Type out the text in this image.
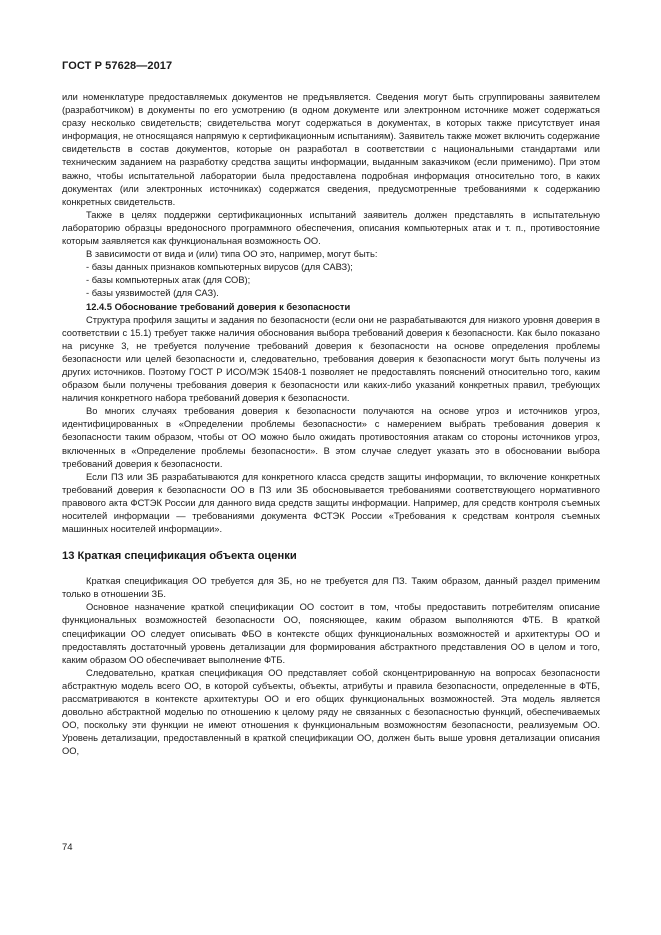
ГОСТ Р 57628—2017

или номенклатуре предоставляемых документов не предъявляется. Сведения могут быть сгруппированы заявителем (разработчиком) в документы по его усмотрению (в одном документе или электронном источнике может содержаться сразу несколько свидетельств; свидетельства могут содержаться в документах, в которых также присутствует иная информация, не относящаяся напрямую к сертификационным испытаниям). Заявитель также может включить содержание свидетельств в состав документов, которые он разработал в соответствии с национальными стандартами или техническим заданием на разработку средства защиты информации, выданным заказчиком (если применимо). При этом важно, чтобы испытательной лаборатории была предоставлена подробная информация относительно того, в каких документах (или электронных источниках) содержатся сведения, предусмотренные требованиями к содержанию конкретных свидетельств.

Также в целях поддержки сертификационных испытаний заявитель должен представлять в испытательную лабораторию образцы вредоносного программного обеспечения, описания компьютерных атак и т. п., противостояние которым заявляется как функциональная возможность ОО.

В зависимости от вида и (или) типа ОО это, например, могут быть:

- базы данных признаков компьютерных вирусов (для САВЗ);
- базы компьютерных атак (для СОВ);
- базы уязвимостей (для САЗ).
12.4.5 Обоснование требований доверия к безопасности

Структура профиля защиты и задания по безопасности (если они не разрабатываются для низкого уровня доверия в соответствии с 15.1) требует также наличия обоснования выбора требований доверия к безопасности. Как было показано на рисунке 3, не требуется получение требований доверия к безопасности на основе определения проблемы безопасности или целей безопасности и, следовательно, требования доверия к безопасности могут быть получены из других источников. Поэтому ГОСТ Р ИСО/МЭК 15408-1 позволяет не предоставлять пояснений относительно того, каким образом были получены требования доверия к безопасности или каких-либо указаний конкретных правил, требующих наличия конкретного набора требований доверия к безопасности.

Во многих случаях требования доверия к безопасности получаются на основе угроз и источников угроз, идентифицированных в «Определении проблемы безопасности» с намерением выбрать требования доверия к безопасности таким образом, чтобы от ОО можно было ожидать противостояния атакам со стороны источников угроз, включенных в «Определение проблемы безопасности». В этом случае следует указать это в обосновании выбора требований доверия к безопасности.

Если ПЗ или ЗБ разрабатываются для конкретного класса средств защиты информации, то включение конкретных требований доверия к безопасности ОО в ПЗ или ЗБ обосновывается требованиями соответствующего нормативного правового акта ФСТЭК России для данного вида средств защиты информации. Например, для средств контроля съемных носителей информации — требованиями документа ФСТЭК России «Требования к средствам контроля съемных машинных носителей информации».

13 Краткая спецификация объекта оценки

Краткая спецификация ОО требуется для ЗБ, но не требуется для ПЗ. Таким образом, данный раздел применим только в отношении ЗБ.

Основное назначение краткой спецификации ОО состоит в том, чтобы предоставить потребителям описание функциональных возможностей безопасности ОО, поясняющее, каким образом выполняются ФТБ. В краткой спецификации ОО следует описывать ФБО в контексте общих функциональных возможностей и архитектуры ОО и предоставлять достаточный уровень детализации для формирования абстрактного представления ОО в целом и того, каким образом ОО обеспечивает выполнение ФТБ.

Следовательно, краткая спецификация ОО представляет собой сконцентрированную на вопросах безопасности абстрактную модель всего ОО, в которой субъекты, объекты, атрибуты и правила безопасности, определенные в ФТБ, рассматриваются в контексте архитектуры ОО и его общих функциональных возможностей. Эта модель является довольно абстрактной моделью по отношению к целому ряду не связанных с безопасностью функций, обеспечиваемых ОО, поскольку эти функции не имеют отношения к функциональным возможностям безопасности, реализуемым ОО. Уровень детализации, предоставленный в краткой спецификации ОО, должен быть выше уровня детализации описания ОО,

74
